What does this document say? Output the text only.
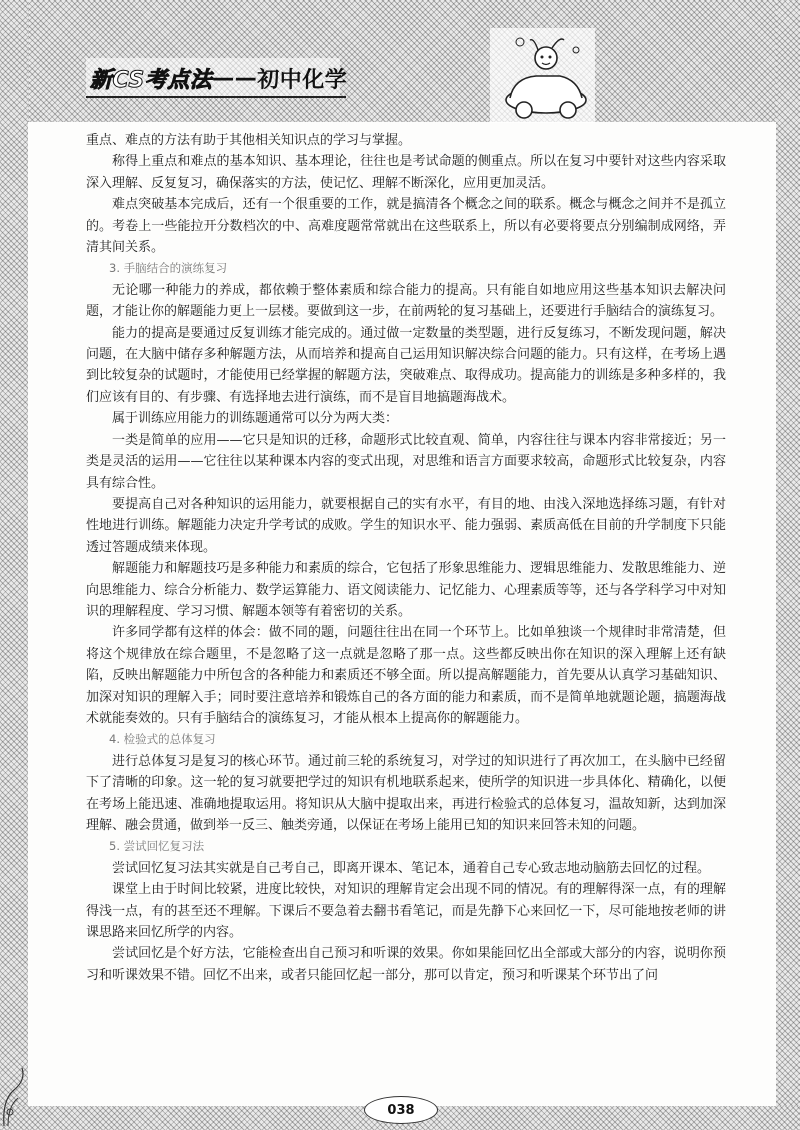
新CS考点法 —— 初中化学

重点、难点的方法有助于其他相关知识点的学习与掌握。

称得上重点和难点的基本知识、基本理论，往往也是考试命题的侧重点。所以在复习中要针对这些内容采取深入理解、反复复习，确保落实的方法，使记忆、理解不断深化，应用更加灵活。

难点突破基本完成后，还有一个很重要的工作，就是搞清各个概念之间的联系。概念与概念之间并不是孤立的。考卷上一些能拉开分数档次的中、高难度题常常就出在这些联系上，所以有必要将要点分别编制成网络，弄清其间关系。

3. 手脑结合的演练复习

无论哪一种能力的养成，都依赖于整体素质和综合能力的提高。只有能自如地应用这些基本知识去解决问题，才能让你的解题能力更上一层楼。要做到这一步，在前两轮的复习基础上，还要进行手脑结合的演练复习。

能力的提高是要通过反复训练才能完成的。通过做一定数量的类型题，进行反复练习，不断发现问题，解决问题，在大脑中储存多种解题方法，从而培养和提高自己运用知识解决综合问题的能力。只有这样，在考场上遇到比较复杂的试题时，才能使用已经掌握的解题方法，突破难点、取得成功。提高能力的训练是多种多样的，我们应该有目的、有步骤、有选择地去进行演练，而不是盲目地搞题海战术。

属于训练应用能力的训练题通常可以分为两大类：

一类是简单的应用——它只是知识的迁移，命题形式比较直观、简单，内容往往与课本内容非常接近；另一类是灵活的运用——它往往以某种课本内容的变式出现，对思维和语言方面要求较高，命题形式比较复杂，内容具有综合性。

要提高自己对各种知识的运用能力，就要根据自己的实有水平，有目的地、由浅入深地选择练习题，有针对性地进行训练。解题能力决定升学考试的成败。学生的知识水平、能力强弱、素质高低在目前的升学制度下只能透过答题成绩来体现。

解题能力和解题技巧是多种能力和素质的综合，它包括了形象思维能力、逻辑思维能力、发散思维能力、逆向思维能力、综合分析能力、数学运算能力、语文阅读能力、记忆能力、心理素质等等，还与各学科学习中对知识的理解程度、学习习惯、解题本领等有着密切的关系。

许多同学都有这样的体会：做不同的题，问题往往出在同一个环节上。比如单独谈一个规律时非常清楚，但将这个规律放在综合题里，不是忽略了这一点就是忽略了那一点。这些都反映出你在知识的深入理解上还有缺陷，反映出解题能力中所包含的各种能力和素质还不够全面。所以提高解题能力，首先要从认真学习基础知识、加深对知识的理解入手；同时要注意培养和锻炼自己的各方面的能力和素质，而不是简单地就题论题，搞题海战术就能奏效的。只有手脑结合的演练复习，才能从根本上提高你的解题能力。

4. 检验式的总体复习

进行总体复习是复习的核心环节。通过前三轮的系统复习，对学过的知识进行了再次加工，在头脑中已经留下了清晰的印象。这一轮的复习就要把学过的知识有机地联系起来，使所学的知识进一步具体化、精确化，以便在考场上能迅速、准确地提取运用。将知识从大脑中提取出来，再进行检验式的总体复习，温故知新，达到加深理解、融会贯通，做到举一反三、触类旁通，以保证在考场上能用已知的知识来回答未知的问题。

5. 尝试回忆复习法

尝试回忆复习法其实就是自己考自己，即离开课本、笔记本，通着自己专心致志地动脑筋去回忆的过程。

课堂上由于时间比较紧，进度比较快，对知识的理解肯定会出现不同的情况。有的理解得深一点，有的理解得浅一点，有的甚至还不理解。下课后不要急着去翻书看笔记，而是先静下心来回忆一下，尽可能地按老师的讲课思路来回忆所学的内容。

尝试回忆是个好方法，它能检查出自己预习和听课的效果。你如果能回忆出全部或大部分的内容，说明你预习和听课效果不错。回忆不出来，或者只能回忆起一部分，那可以肯定，预习和听课某个环节出了问

038
